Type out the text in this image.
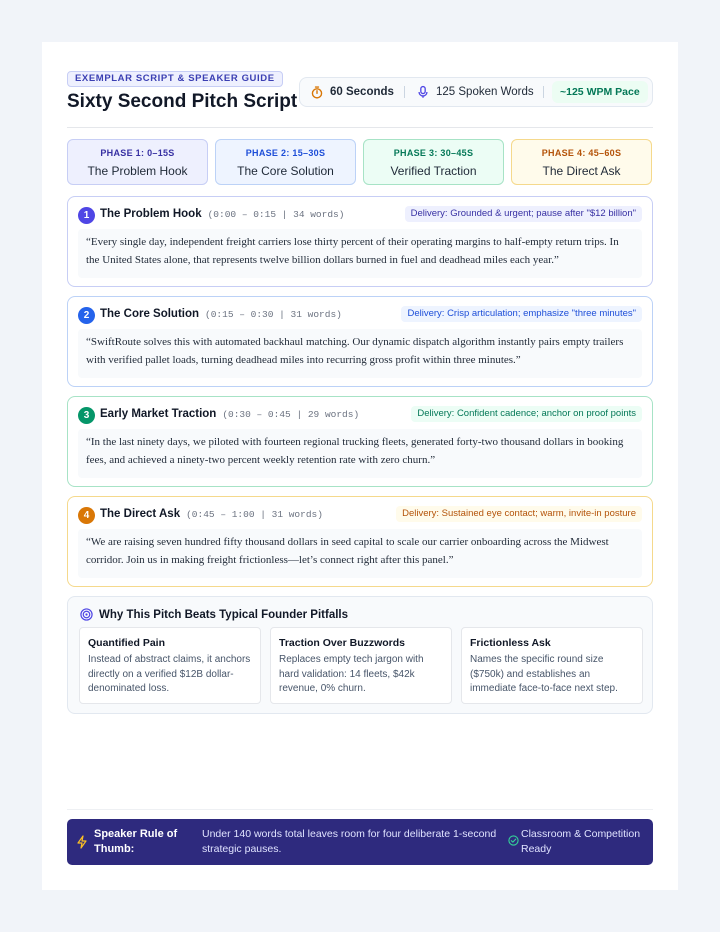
EXEMPLAR SCRIPT & SPEAKER GUIDE
Sixty Second Pitch Script	60 Seconds	125 Spoken Words	~125 WPM Pace
PHASE 1: 0–15S
The Problem Hook
PHASE 2: 15–30S
The Core Solution
PHASE 3: 30–45S
Verified Traction
PHASE 4: 45–60S
The Direct Ask
1 The Problem Hook (0:00 – 0:15 | 34 words)	Delivery: Grounded & urgent; pause after "$12 billion"
“Every single day, independent freight carriers lose thirty percent of their operating margins to half-empty return trips. In the United States alone, that represents twelve billion dollars burned in fuel and deadhead miles each year.”
2 The Core Solution (0:15 – 0:30 | 31 words)	Delivery: Crisp articulation; emphasize "three minutes"
“SwiftRoute solves this with automated backhaul matching. Our dynamic dispatch algorithm instantly pairs empty trailers with verified pallet loads, turning deadhead miles into recurring gross profit within three minutes.”
3 Early Market Traction (0:30 – 0:45 | 29 words)	Delivery: Confident cadence; anchor on proof points
“In the last ninety days, we piloted with fourteen regional trucking fleets, generated forty-two thousand dollars in booking fees, and achieved a ninety-two percent weekly retention rate with zero churn.”
4 The Direct Ask (0:45 – 1:00 | 31 words)	Delivery: Sustained eye contact; warm, invite-in posture
“We are raising seven hundred fifty thousand dollars in seed capital to scale our carrier onboarding across the Midwest corridor. Join us in making freight frictionless—let’s connect right after this panel.”
Why This Pitch Beats Typical Founder Pitfalls
Quantified Pain
Instead of abstract claims, it anchors directly on a verified $12B dollar-denominated loss.
Traction Over Buzzwords
Replaces empty tech jargon with hard validation: 14 fleets, $42k revenue, 0% churn.
Frictionless Ask
Names the specific round size ($750k) and establishes an immediate face-to-face next step.
Speaker Rule of Thumb:
Under 140 words total leaves room for four deliberate 1-second strategic pauses.
Classroom & Competition Ready
